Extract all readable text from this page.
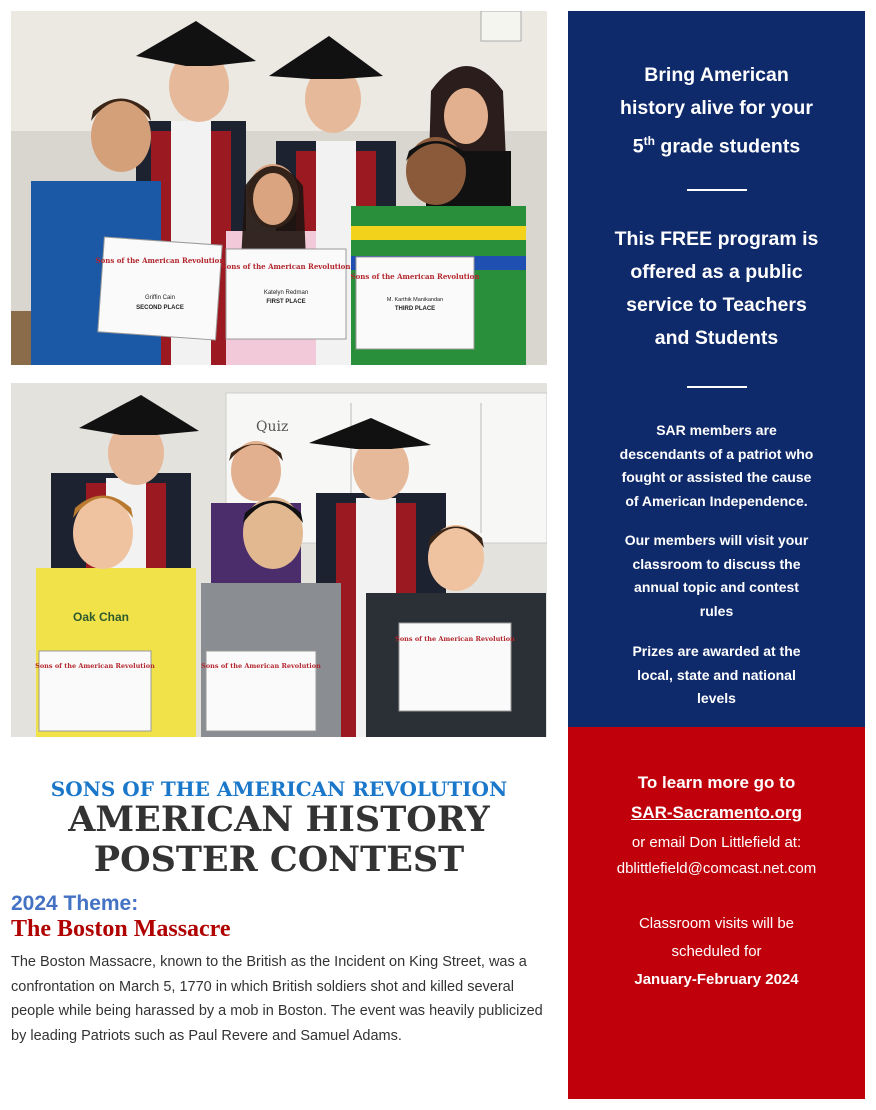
Sons of the American Revolution
Griffin Cain
SECOND PLACE
Sons of the American Revolution
Katelyn Redman
FIRST PLACE
Sons of the American Revolution
M. Karthik Manikandan
THIRD PLACE
Quiz
Oak Chan
Sons of the American Revolution	Sons of the American Revolution
Sons of the American Revolution
Bring American
history alive for your
5th grade students
This FREE program is
offered as a public
service to Teachers
and Students
SAR members are
descendants of a patriot who
fought or assisted the cause
of American Independence.
Our members will visit your
classroom to discuss the
annual topic and contest
rules
Prizes are awarded at the
local, state and national
levels
To learn more go to
SAR-Sacramento.org
or email Don Littlefield at:
dblittlefield@comcast.net.com
Classroom visits will be
scheduled for
January-February 2024
SONS OF THE AMERICAN REVOLUTION
AMERICAN HISTORY
POSTER CONTEST
2024 Theme:
The Boston Massacre
The Boston Massacre, known to the British as the Incident on King Street, was a confrontation on March 5, 1770 in which British soldiers shot and killed several people while being harassed by a mob in Boston. The event was heavily publicized by leading Patriots such as Paul Revere and Samuel Adams.
